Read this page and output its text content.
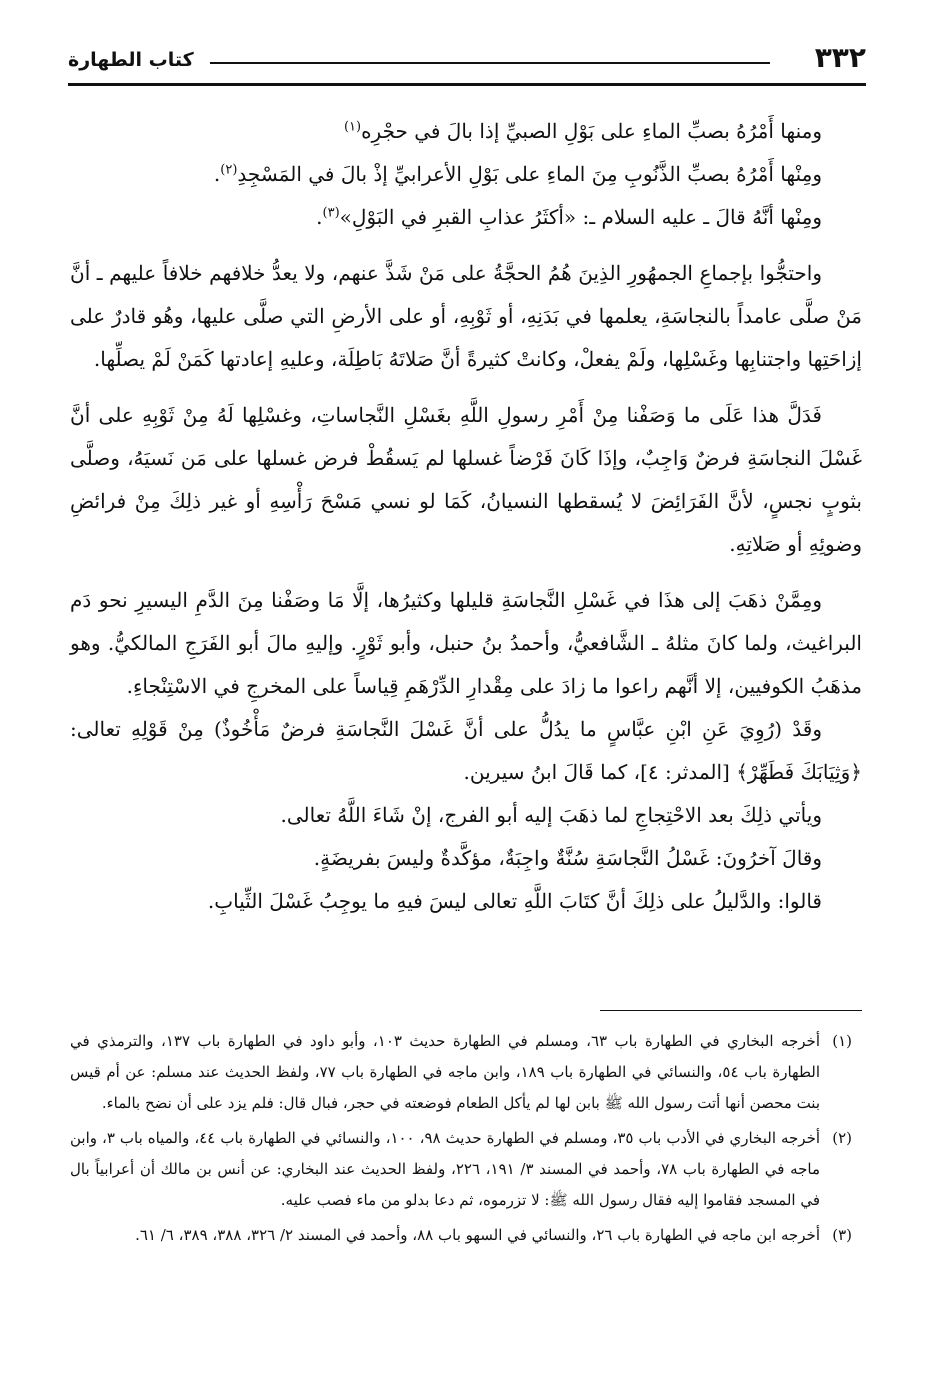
٣٣٢
كتاب الطهارة

ومنها أَمْرُهُ بصبِّ الماءِ على بَوْلِ الصبيِّ إذا بالَ في حجْرِه$^{(١)}$

ومِنْها أَمْرُهُ بصبِّ الذَّنُوبِ مِنَ الماءِ على بَوْلِ الأعرابيِّ إذْ بالَ في المَسْجِدِ$^{(٢)}$.

ومِنْها أنَّهُ قالَ ـ عليه السلام ـ: «أكثَرُ عذابِ القبرِ في البَوْلِ»$^{(٣)}$.

واحتجُّوا بإجماعِ الجمهُورِ الذِينَ هُمُ الحجَّةُ على مَنْ شَذَّ عنهم، ولا يعدُّ خلافهم خلافاً عليهم ـ أنَّ مَنْ صلَّى عامداً بالنجاسَةِ، يعلمها في بَدَنِهِ، أو ثَوْبِهِ، أو على الأرضِ التي صلَّى عليها، وهُو قادرٌ على إزاحَتِها واجتنابِها وغَسْلِها، ولَمْ يفعلْ، وكانتْ كثيرةً أنَّ صَلاتَهُ بَاطِلَة، وعليهِ إعادتها كَمَنْ لَمْ يصلِّها.

فَدَلَّ هذا عَلَى ما وَصَفْنا مِنْ أَمْرِ رسولِ اللَّهِ بغَسْلِ النَّجاساتِ، وغسْلِها لَهُ مِنْ ثَوْبِهِ على أنَّ غَسْلَ النجاسَةِ فرضٌ وَاجِبٌ، وإذَا كَانَ فَرْضاً غسلها لم يَسقُطْ فرض غسلها على مَن نَسيَهُ، وصلَّى بثوبٍ نجسٍ، لأنَّ الفَرَائِضَ لا يُسقطها النسيانُ، كَمَا لو نسي مَسْحَ رَأْسِهِ أو غير ذلِكَ مِنْ فرائضِ وضوئِهِ أو صَلاتِهِ.

ومِمَّنْ ذهَبَ إلى هذَا في غَسْلِ النَّجاسَةِ قليلها وكثيرُها، إلَّا مَا وصَفْنا مِنَ الدَّمِ اليسيرِ نحو دَم البراغيث، ولما كانَ مثلهُ ـ الشَّافعيُّ، وأحمدُ بنُ حنبل، وأبو ثَوْرٍ. وإليهِ مالَ أبو الفَرَجِ المالكيُّ. وهو مذهَبُ الكوفيين، إلا أنَّهم راعوا ما زادَ على مِقْدارِ الدِّرْهَمِ قِياساً على المخرجِ في الاسْتِنْجاءِ.

وقَدْ (رُوِيَ عَنِ ابْنِ عبَّاسٍ ما يدُلُّ على أنَّ غَسْلَ النَّجاسَةِ فرضٌ مَأْخُوذٌ) مِنْ قَوْلِهِ تعالى: ﴿وَثِيَابَكَ فَطَهِّرْ﴾ [المدثر: ٤]، كما قَالَ ابنُ سيرين.

ويأتي ذلِكَ بعد الاحْتِجاجِ لما ذهَبَ إليه أبو الفرج، إنْ شَاءَ اللَّهُ تعالى.

وقالَ آخرُونَ: غَسْلُ النَّجاسَةِ سُنَّةٌ واجِبَةٌ، مؤكَّدةٌ وليسَ بفريضَةٍ.

قالوا: والدَّليلُ على ذلِكَ أنَّ كتَابَ اللَّهِ تعالى ليسَ فيهِ ما يوجِبُ غَسْلَ الثِّيابِ.

(١)أخرجه البخاري في الطهارة باب ٦٣، ومسلم في الطهارة حديث ١٠٣، وأبو داود في الطهارة باب ١٣٧، والترمذي في الطهارة باب ٥٤، والنسائي في الطهارة باب ١٨٩، وابن ماجه في الطهارة باب ٧٧، ولفظ الحديث عند مسلم: عن أم قيس بنت محصن أنها أتت رسول الله ﷺ بابن لها لم يأكل الطعام فوضعته في حجر، فبال قال: فلم يزد على أن نضح بالماء.

(٢)أخرجه البخاري في الأدب باب ٣٥، ومسلم في الطهارة حديث ٩٨، ١٠٠، والنسائي في الطهارة باب ٤٤، والمياه باب ٣، وابن ماجه في الطهارة باب ٧٨، وأحمد في المسند ٣/ ١٩١، ٢٢٦، ولفظ الحديث عند البخاري: عن أنس بن مالك أن أعرابياً بال في المسجد فقاموا إليه فقال رسول الله ﷺ: لا تزرموه، ثم دعا بدلو من ماء فصب عليه.

(٣)أخرجه ابن ماجه في الطهارة باب ٢٦، والنسائي في السهو باب ٨٨، وأحمد في المسند ٢/ ٣٢٦، ٣٨٨، ٣٨٩، ٦/ ٦١.
